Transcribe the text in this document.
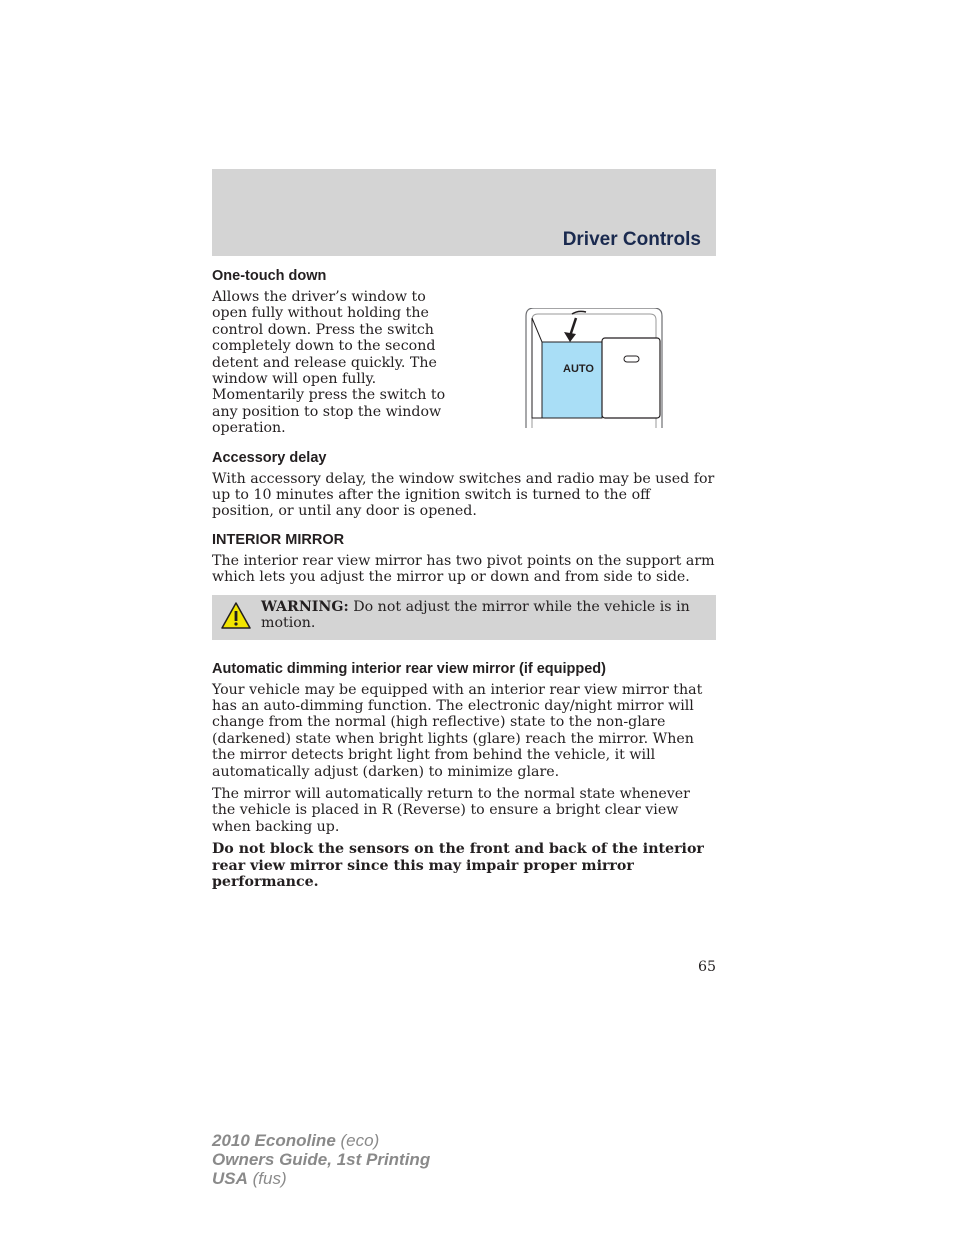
Driver Controls
One-touch down

Allows the driver’s window to open fully without holding the control down. Press the switch completely down to the second detent and release quickly. The window will open fully. Momentarily press the switch to any position to stop the window operation.

AUTO
Accessory delay

With accessory delay, the window switches and radio may be used for up to 10 minutes after the ignition switch is turned to the off position, or until any door is opened.

INTERIOR MIRROR

The interior rear view mirror has two pivot points on the support arm which lets you adjust the mirror up or down and from side to side.

WARNING: Do not adjust the mirror while the vehicle is in motion.

Automatic dimming interior rear view mirror (if equipped)

Your vehicle may be equipped with an interior rear view mirror that has an auto-dimming function. The electronic day/night mirror will change from the normal (high reflective) state to the non-glare (darkened) state when bright lights (glare) reach the mirror. When the mirror detects bright light from behind the vehicle, it will automatically adjust (darken) to minimize glare.

The mirror will automatically return to the normal state whenever the vehicle is placed in R (Reverse) to ensure a bright clear view when backing up.

Do not block the sensors on the front and back of the interior rear view mirror since this may impair proper mirror performance.

65
2010 Econoline (eco)
Owners Guide, 1st Printing
USA (fus)
